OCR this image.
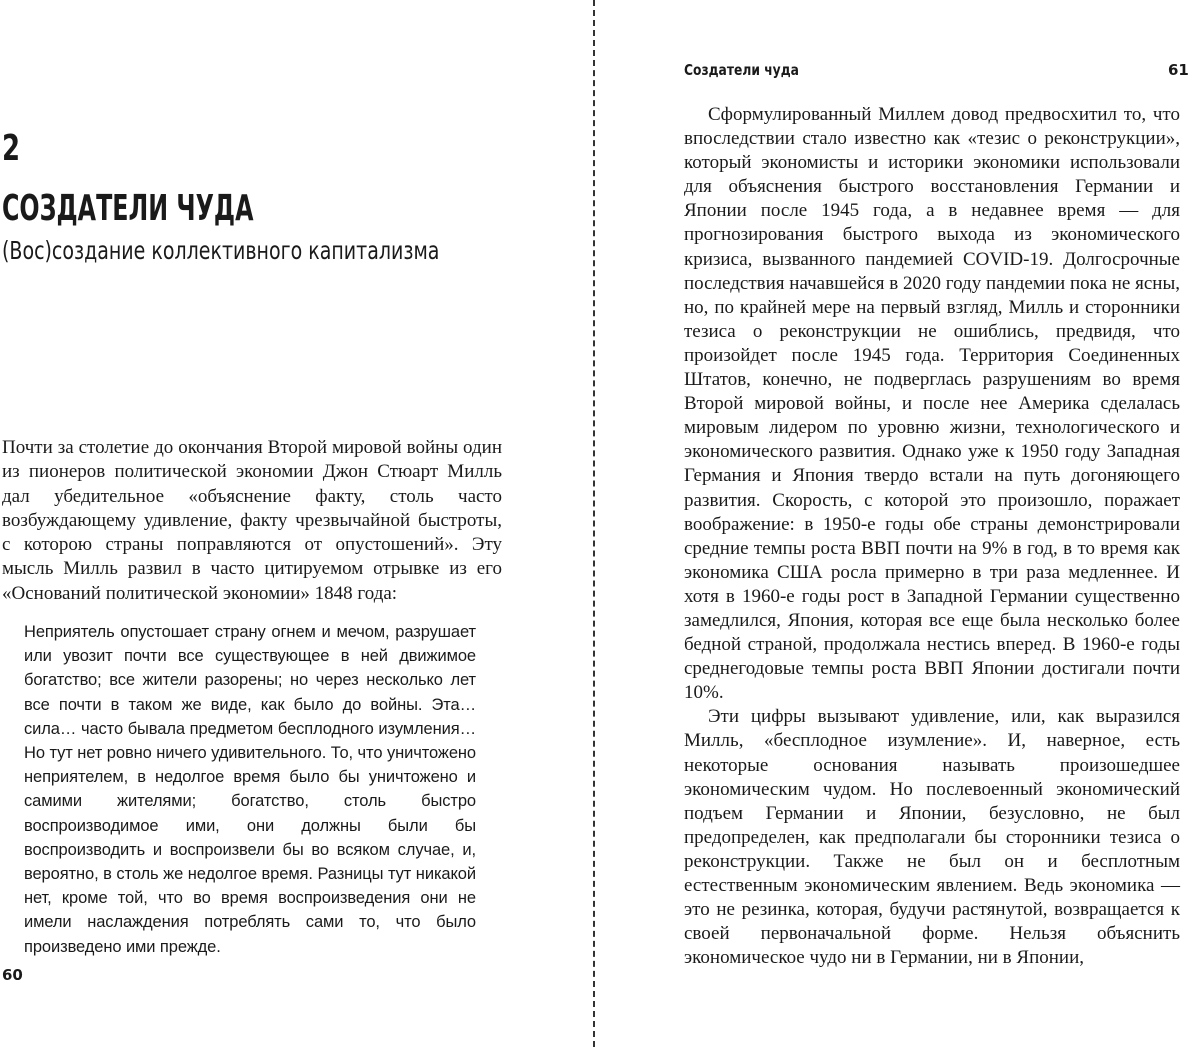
2
СОЗДАТЕЛИ ЧУДА
(Вос)создание коллективного капитализма

Почти за столетие до окончания Второй мировой войны один из пионеров политической экономии Джон Стюарт Милль дал убедительное «объяснение факту, столь часто возбуждающему удивление, факту чрезвычайной быстроты, с которою страны поправляются от опустошений». Эту мысль Милль развил в часто цитируемом отрывке из его «Оснований политической экономии» 1848 года:

Неприятель опустошает страну огнем и мечом, разрушает или увозит почти все существующее в ней движимое богатство; все жители разорены; но через несколько лет все почти в таком же виде, как было до войны. Эта… сила… часто бывала предметом бесплодного изумления… Но тут нет ровно ничего удивительного. То, что уничтожено неприятелем, в недолгое время было бы уничтожено и самими жителями; богатство, столь быстро воспроизводимое ими, они должны были бы воспроизводить и воспроизвели бы во всяком случае, и, вероятно, в столь же недолгое время. Разницы тут никакой нет, кроме той, что во время воспроизведения они не имели наслаждения потреблять сами то, что было произведено ими прежде.

60
Создатели чуда	61

Сформулированный Миллем довод предвосхитил то, что впоследствии стало известно как «тезис о реконструкции», который экономисты и историки экономики использовали для объяснения быстрого восстановления Германии и Японии после 1945 года, а в недавнее время — для прогнозирования быстрого выхода из экономического кризиса, вызванного пандемией COVID-19. Долгосрочные последствия начавшейся в 2020 году пандемии пока не ясны, но, по крайней мере на первый взгляд, Милль и сторонники тезиса о реконструкции не ошиблись, предвидя, что произойдет после 1945 года. Территория Соединенных Штатов, конечно, не подверглась разрушениям во время Второй мировой войны, и после нее Америка сделалась мировым лидером по уровню жизни, технологического и экономического развития. Однако уже к 1950 году Западная Германия и Япония твердо встали на путь догоняющего развития. Скорость, с которой это произошло, поражает воображение: в 1950-е годы обе страны демонстрировали средние темпы роста ВВП почти на 9% в год, в то время как экономика США росла примерно в три раза медленнее. И хотя в 1960-е годы рост в Западной Германии существенно замедлился, Япония, которая все еще была несколько более бедной страной, продолжала нестись вперед. В 1960-е годы среднегодовые темпы роста ВВП Японии достигали почти 10%.

Эти цифры вызывают удивление, или, как выразился Милль, «бесплодное изумление». И, наверное, есть некоторые основания называть произошедшее экономическим чудом. Но послевоенный экономический подъем Германии и Японии, безусловно, не был предопределен, как предполагали бы сторонники тезиса о реконструкции. Также не был он и бесплотным естественным экономическим явлением. Ведь экономика — это не резинка, которая, будучи растянутой, возвращается к своей первоначальной форме. Нельзя объяснить экономическое чудо ни в Германии, ни в Японии,
